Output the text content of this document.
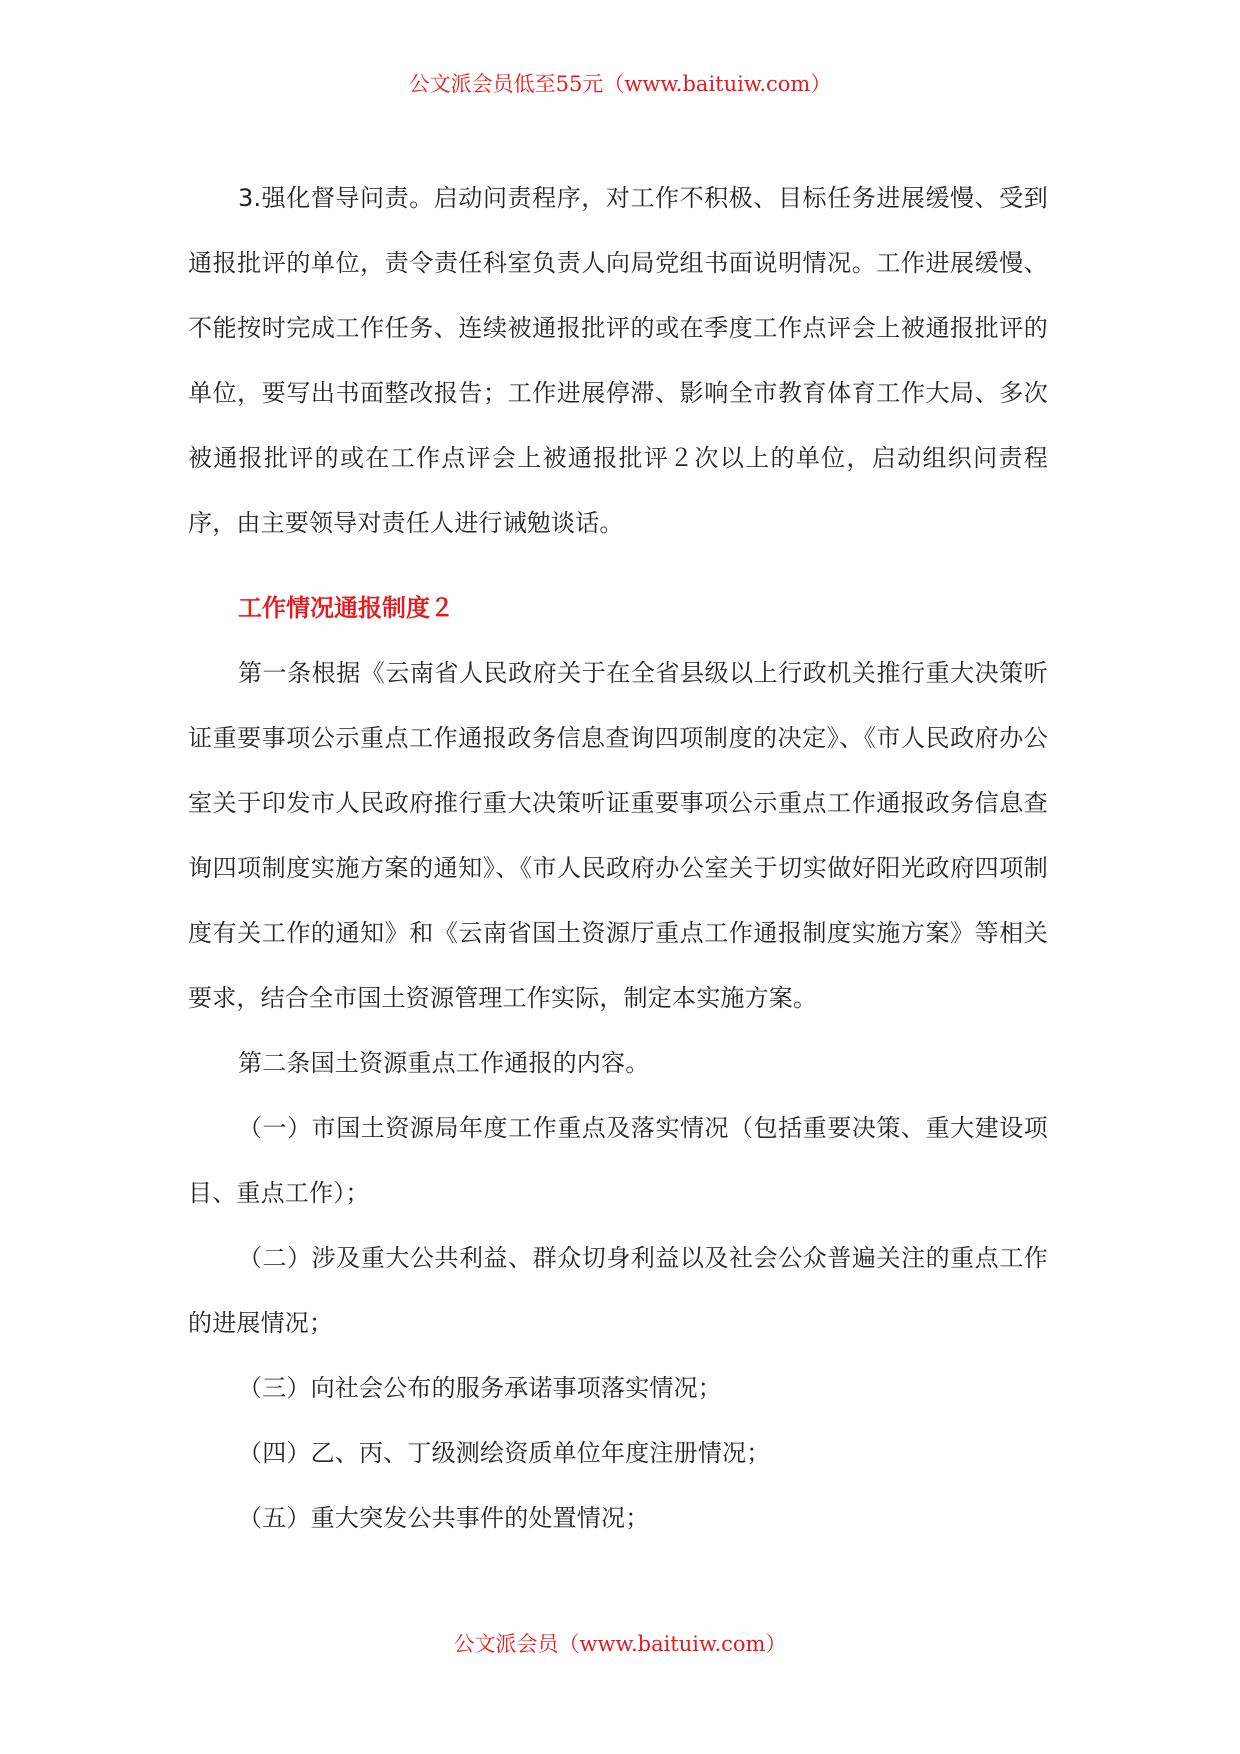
公文派会员低至55元（www.baituiw.com）

3.强化督导问责。启动问责程序，对工作不积极、目标任务进展缓慢、受到通报批评的单位，责令责任科室负责人向局党组书面说明情况。工作进展缓慢、不能按时完成工作任务、连续被通报批评的或在季度工作点评会上被通报批评的单位，要写出书面整改报告；工作进展停滞、影响全市教育体育工作大局、多次被通报批评的或在工作点评会上被通报批评２次以上的单位，启动组织问责程序，由主要领导对责任人进行诫勉谈话。

工作情况通报制度２

第一条根据《云南省人民政府关于在全省县级以上行政机关推行重大决策听证重要事项公示重点工作通报政务信息查询四项制度的决定》、《市人民政府办公室关于印发市人民政府推行重大决策听证重要事项公示重点工作通报政务信息查询四项制度实施方案的通知》、《市人民政府办公室关于切实做好阳光政府四项制度有关工作的通知》和《云南省国土资源厅重点工作通报制度实施方案》等相关要求，结合全市国土资源管理工作实际，制定本实施方案。

第二条国土资源重点工作通报的内容。

（一）市国土资源局年度工作重点及落实情况（包括重要决策、重大建设项目、重点工作）；

（二）涉及重大公共利益、群众切身利益以及社会公众普遍关注的重点工作的进展情况；

（三）向社会公布的服务承诺事项落实情况；

（四）乙、丙、丁级测绘资质单位年度注册情况；

（五）重大突发公共事件的处置情况；

公文派会员（www.baituiw.com）
